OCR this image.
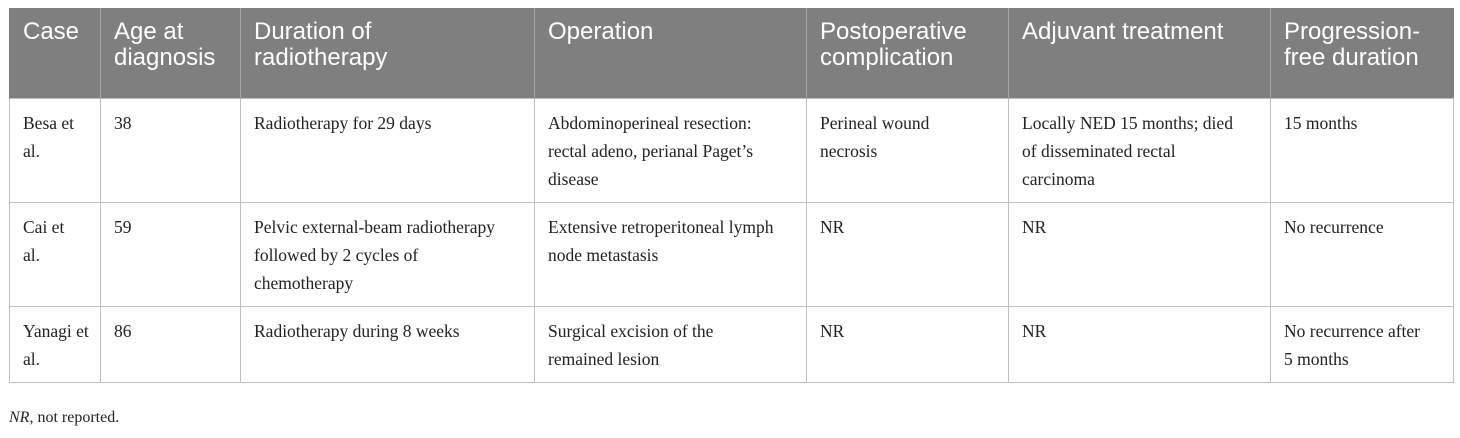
Case	Age at diagnosis	Duration of radiotherapy	Operation	Postoperative complication	Adjuvant treatment	Progression-free duration
Besa et al.	38	Radiotherapy for 29 days	Abdominoperineal resection: rectal adeno, perianal Paget’s disease	Perineal wound necrosis	Locally NED 15 months; died of disseminated rectal carcinoma	15 months
Cai et al.	59	Pelvic external-beam radiotherapy followed by 2 cycles of chemotherapy	Extensive retroperitoneal lymph node metastasis	NR	NR	No recurrence
Yanagi et al.	86	Radiotherapy during 8 weeks	Surgical excision of the remained lesion	NR	NR	No recurrence after 5 months
NR, not reported.
